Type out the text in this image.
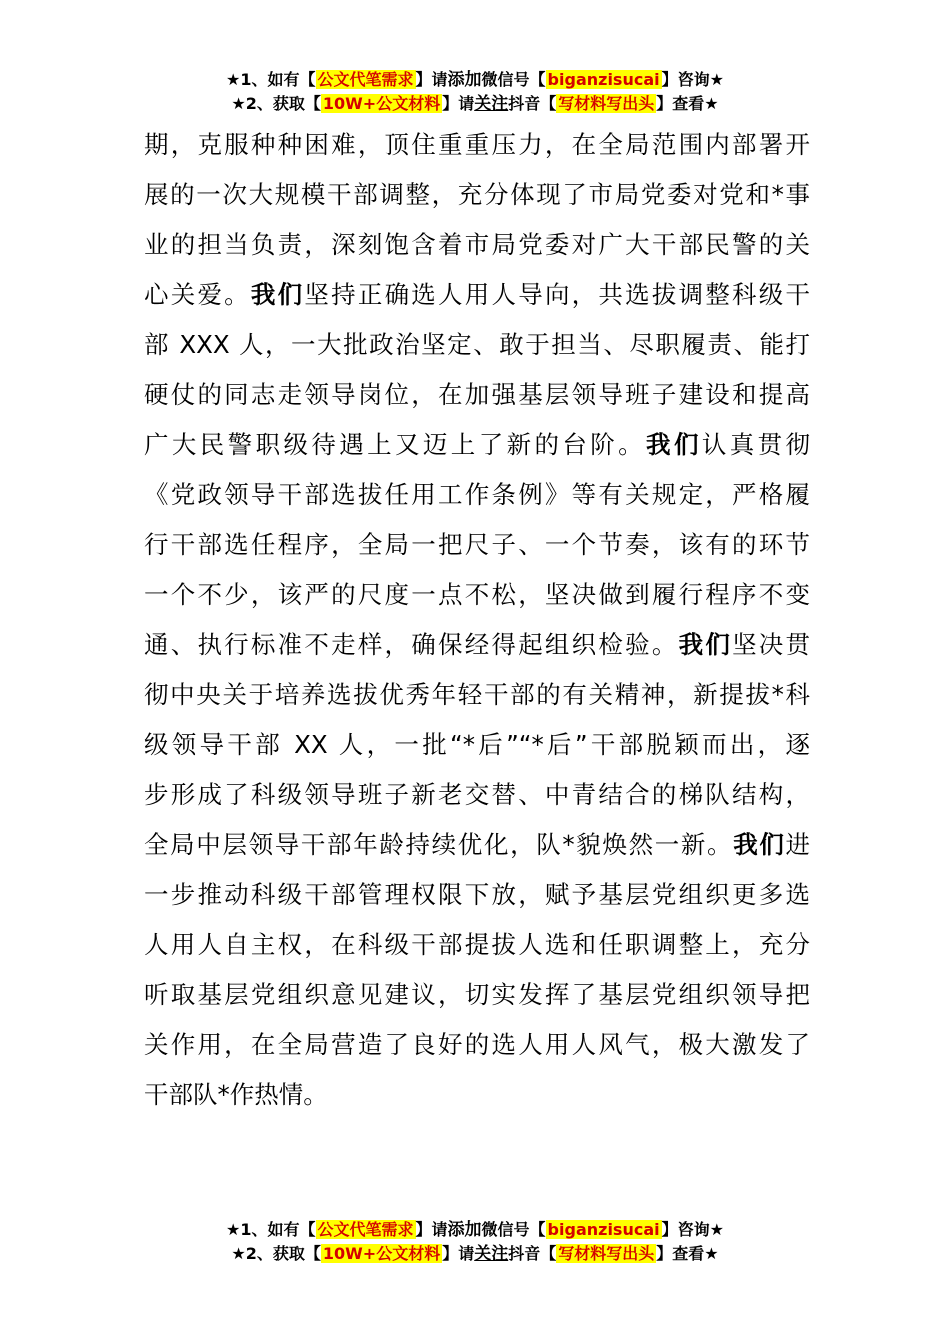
★1、如有【 公文代笔需求 】请添加微信号【 biganzisucai 】咨询★
★2、获取【 10W+公文材料 】请关注抖音【 写材料写出头 】查看★
期，克服种种困难，顶住重重压力，在全局范围内部署开
展的一次大规模干部调整，充分体现了市局党委对党和*事
业的担当负责，深刻饱含着市局党委对广大干部民警的关
心关爱。我们坚持正确选人用人导向，共选拔调整科级干
部 XXX 人，一大批政治坚定、敢于担当、尽职履责、能打
硬仗的同志走领导岗位，在加强基层领导班子建设和提高
广大民警职级待遇上又迈上了新的台阶。我们认真贯彻
《党政领导干部选拔任用工作条例》等有关规定，严格履
行干部选任程序，全局一把尺子、一个节奏，该有的环节
一个不少，该严的尺度一点不松，坚决做到履行程序不变
通、执行标准不走样，确保经得起组织检验。我们坚决贯
彻中央关于培养选拔优秀年轻干部的有关精神，新提拔*科
级领导干部 XX 人，一批“*后”“*后”干部脱颖而出，逐
步形成了科级领导班子新老交替、中青结合的梯队结构，
全局中层领导干部年龄持续优化，队*貌焕然一新。我们进
一步推动科级干部管理权限下放，赋予基层党组织更多选
人用人自主权，在科级干部提拔人选和任职调整上，充分
听取基层党组织意见建议，切实发挥了基层党组织领导把
关作用，在全局营造了良好的选人用人风气，极大激发了
干部队*作热情。
★1、如有【 公文代笔需求 】请添加微信号【 biganzisucai 】咨询★
★2、获取【 10W+公文材料 】请关注抖音【 写材料写出头 】查看★
